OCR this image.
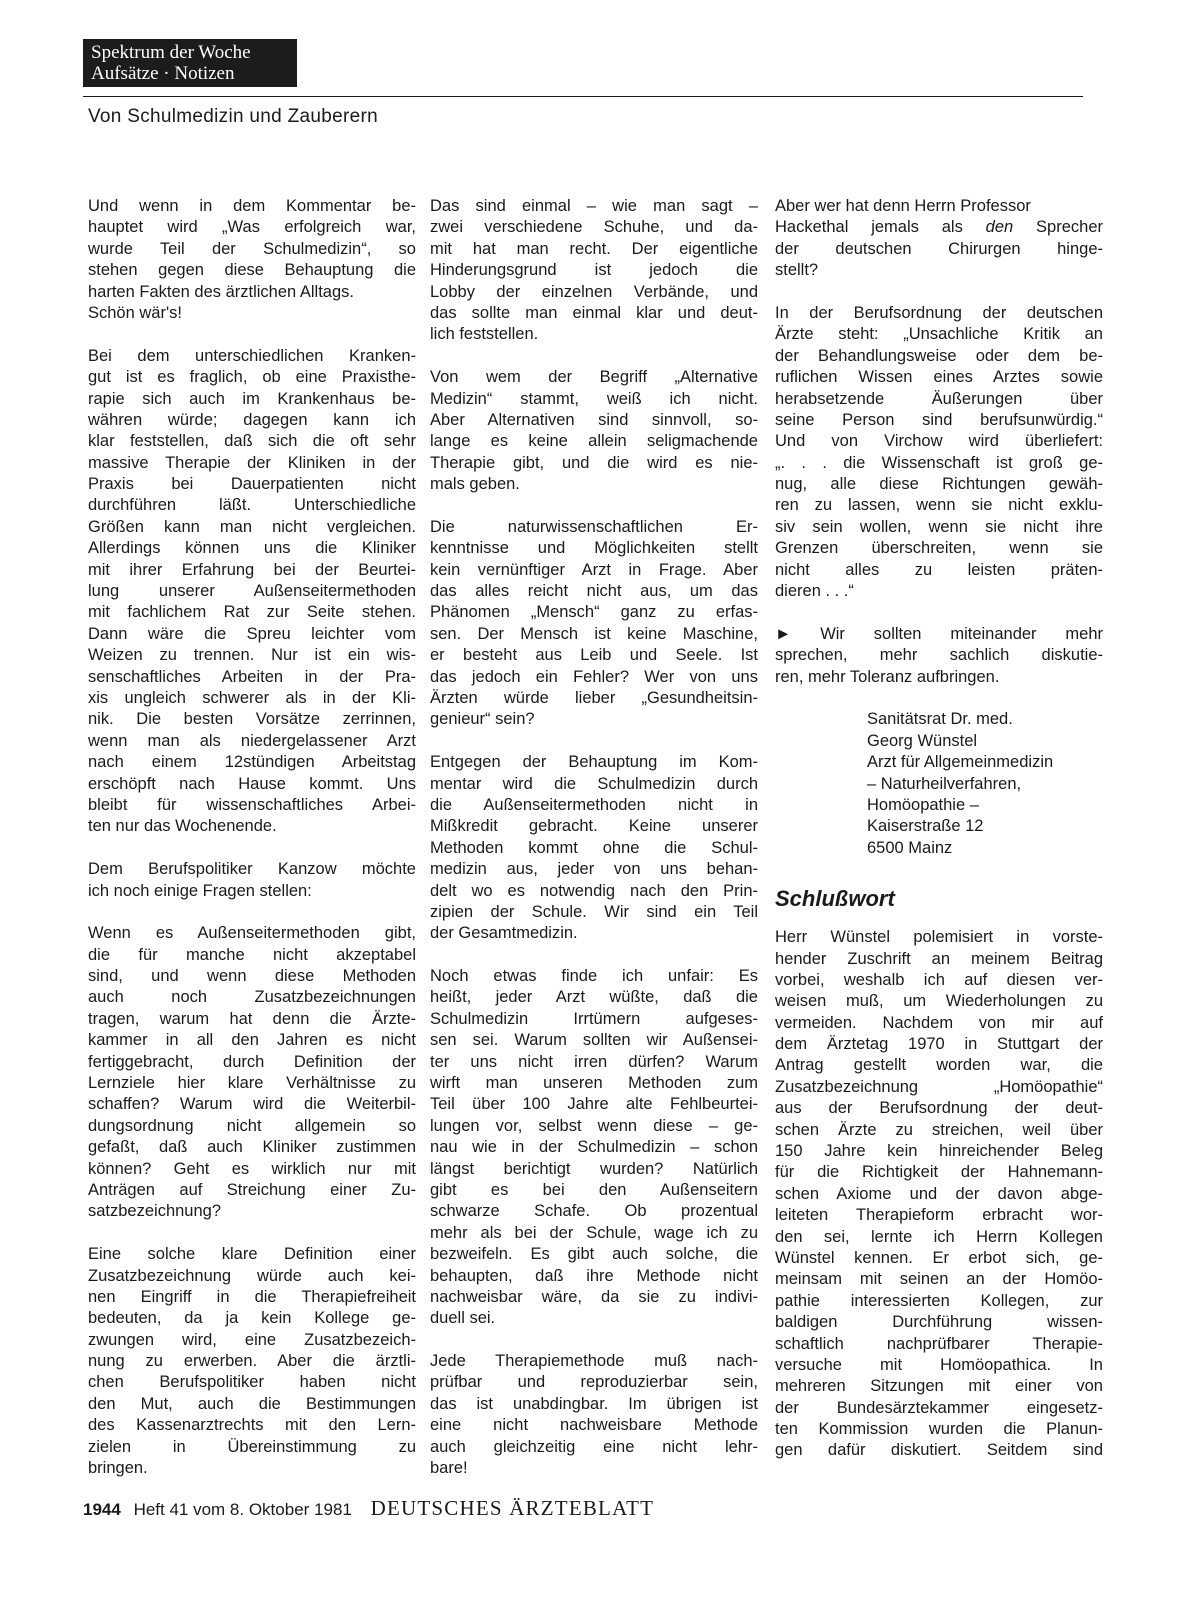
Spektrum der Woche
Aufsätze · Notizen
Von Schulmedizin und Zauberern
Und wenn in dem Kommentar be-
hauptet wird „Was erfolgreich war,
wurde Teil der Schulmedizin“, so
stehen gegen diese Behauptung die
harten Fakten des ärztlichen Alltags.
Schön wär's!
Bei dem unterschiedlichen Kranken-
gut ist es fraglich, ob eine Praxisthe-
rapie sich auch im Krankenhaus be-
währen würde; dagegen kann ich
klar feststellen, daß sich die oft sehr
massive Therapie der Kliniken in der
Praxis bei Dauerpatienten nicht
durchführen läßt. Unterschiedliche
Größen kann man nicht vergleichen.
Allerdings können uns die Kliniker
mit ihrer Erfahrung bei der Beurtei-
lung unserer Außenseitermethoden
mit fachlichem Rat zur Seite stehen.
Dann wäre die Spreu leichter vom
Weizen zu trennen. Nur ist ein wis-
senschaftliches Arbeiten in der Pra-
xis ungleich schwerer als in der Kli-
nik. Die besten Vorsätze zerrinnen,
wenn man als niedergelassener Arzt
nach einem 12stündigen Arbeitstag
erschöpft nach Hause kommt. Uns
bleibt für wissenschaftliches Arbei-
ten nur das Wochenende.
Dem Berufspolitiker Kanzow möchte
ich noch einige Fragen stellen:
Wenn es Außenseitermethoden gibt,
die für manche nicht akzeptabel
sind, und wenn diese Methoden
auch noch Zusatzbezeichnungen
tragen, warum hat denn die Ärzte-
kammer in all den Jahren es nicht
fertiggebracht, durch Definition der
Lernziele hier klare Verhältnisse zu
schaffen? Warum wird die Weiterbil-
dungsordnung nicht allgemein so
gefaßt, daß auch Kliniker zustimmen
können? Geht es wirklich nur mit
Anträgen auf Streichung einer Zu-
satzbezeichnung?
Eine solche klare Definition einer
Zusatzbezeichnung würde auch kei-
nen Eingriff in die Therapiefreiheit
bedeuten, da ja kein Kollege ge-
zwungen wird, eine Zusatzbezeich-
nung zu erwerben. Aber die ärztli-
chen Berufspolitiker haben nicht
den Mut, auch die Bestimmungen
des Kassenarztrechts mit den Lern-
zielen in Übereinstimmung zu
bringen.
Das sind einmal – wie man sagt –
zwei verschiedene Schuhe, und da-
mit hat man recht. Der eigentliche
Hinderungsgrund ist jedoch die
Lobby der einzelnen Verbände, und
das sollte man einmal klar und deut-
lich feststellen.
Von wem der Begriff „Alternative
Medizin“ stammt, weiß ich nicht.
Aber Alternativen sind sinnvoll, so-
lange es keine allein seligmachende
Therapie gibt, und die wird es nie-
mals geben.
Die naturwissenschaftlichen Er-
kenntnisse und Möglichkeiten stellt
kein vernünftiger Arzt in Frage. Aber
das alles reicht nicht aus, um das
Phänomen „Mensch“ ganz zu erfas-
sen. Der Mensch ist keine Maschine,
er besteht aus Leib und Seele. Ist
das jedoch ein Fehler? Wer von uns
Ärzten würde lieber „Gesundheitsin-
genieur“ sein?
Entgegen der Behauptung im Kom-
mentar wird die Schulmedizin durch
die Außenseitermethoden nicht in
Mißkredit gebracht. Keine unserer
Methoden kommt ohne die Schul-
medizin aus, jeder von uns behan-
delt wo es notwendig nach den Prin-
zipien der Schule. Wir sind ein Teil
der Gesamtmedizin.
Noch etwas finde ich unfair: Es
heißt, jeder Arzt wüßte, daß die
Schulmedizin Irrtümern aufgeses-
sen sei. Warum sollten wir Außensei-
ter uns nicht irren dürfen? Warum
wirft man unseren Methoden zum
Teil über 100 Jahre alte Fehlbeurtei-
lungen vor, selbst wenn diese – ge-
nau wie in der Schulmedizin – schon
längst berichtigt wurden? Natürlich
gibt es bei den Außenseitern
schwarze Schafe. Ob prozentual
mehr als bei der Schule, wage ich zu
bezweifeln. Es gibt auch solche, die
behaupten, daß ihre Methode nicht
nachweisbar wäre, da sie zu indivi-
duell sei.
Jede Therapiemethode muß nach-
prüfbar und reproduzierbar sein,
das ist unabdingbar. Im übrigen ist
eine nicht nachweisbare Methode
auch gleichzeitig eine nicht lehr-
bare!
Aber wer hat denn Herrn Professor
Hackethal jemals als den Sprecher
der deutschen Chirurgen hinge-
stellt?
In der Berufsordnung der deutschen
Ärzte steht: „Unsachliche Kritik an
der Behandlungsweise oder dem be-
ruflichen Wissen eines Arztes sowie
herabsetzende Äußerungen über
seine Person sind berufsunwürdig.“
Und von Virchow wird überliefert:
„. . . die Wissenschaft ist groß ge-
nug, alle diese Richtungen gewäh-
ren zu lassen, wenn sie nicht exklu-
siv sein wollen, wenn sie nicht ihre
Grenzen überschreiten, wenn sie
nicht alles zu leisten präten-
dieren . . .“
► Wir sollten miteinander mehr
sprechen, mehr sachlich diskutie-
ren, mehr Toleranz aufbringen.
Sanitätsrat Dr. med.
Georg Wünstel
Arzt für Allgemeinmedizin
– Naturheilverfahren,
Homöopathie –
Kaiserstraße 12
6500 Mainz
Schlußwort
Herr Wünstel polemisiert in vorste-
hender Zuschrift an meinem Beitrag
vorbei, weshalb ich auf diesen ver-
weisen muß, um Wiederholungen zu
vermeiden. Nachdem von mir auf
dem Ärztetag 1970 in Stuttgart der
Antrag gestellt worden war, die
Zusatzbezeichnung „Homöopathie“
aus der Berufsordnung der deut-
schen Ärzte zu streichen, weil über
150 Jahre kein hinreichender Beleg
für die Richtigkeit der Hahnemann-
schen Axiome und der davon abge-
leiteten Therapieform erbracht wor-
den sei, lernte ich Herrn Kollegen
Wünstel kennen. Er erbot sich, ge-
meinsam mit seinen an der Homöo-
pathie interessierten Kollegen, zur
baldigen Durchführung wissen-
schaftlich nachprüfbarer Therapie-
versuche mit Homöopathica. In
mehreren Sitzungen mit einer von
der Bundesärztekammer eingesetz-
ten Kommission wurden die Planun-
gen dafür diskutiert. Seitdem sind
1944 Heft 41 vom 8. Oktober 1981 DEUTSCHES ÄRZTEBLATT
